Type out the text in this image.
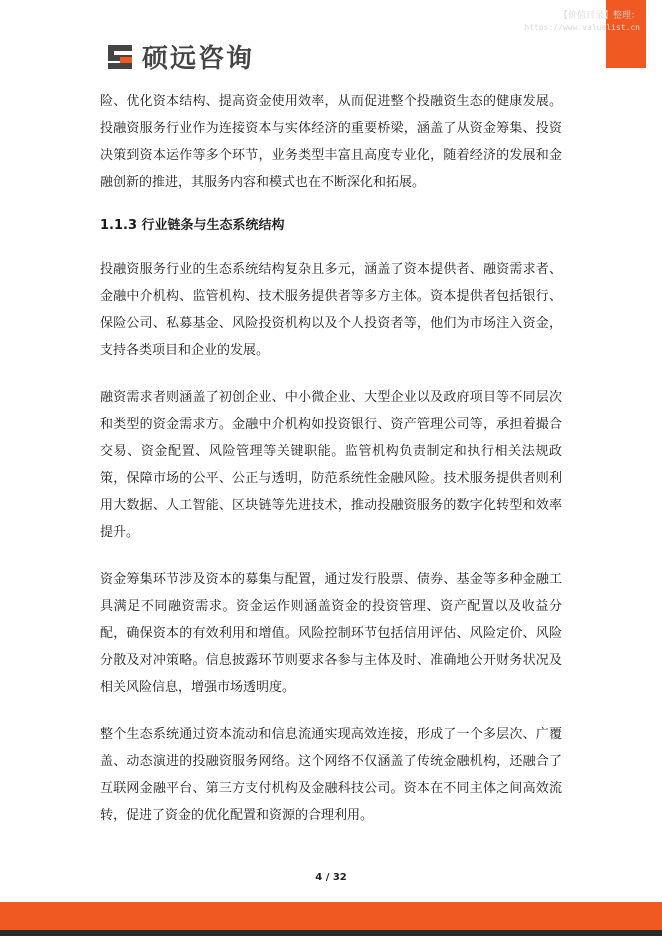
【价值目录】整理：
https://www.valuelist.cn
硕远咨询

险、优化资本结构、提高资金使用效率，从而促进整个投融资生态的健康发展。投融资服务行业作为连接资本与实体经济的重要桥梁，涵盖了从资金筹集、投资决策到资本运作等多个环节，业务类型丰富且高度专业化，随着经济的发展和金融创新的推进，其服务内容和模式也在不断深化和拓展。

1.1.3 行业链条与生态系统结构

投融资服务行业的生态系统结构复杂且多元，涵盖了资本提供者、融资需求者、金融中介机构、监管机构、技术服务提供者等多方主体。资本提供者包括银行、保险公司、私募基金、风险投资机构以及个人投资者等，他们为市场注入资金，支持各类项目和企业的发展。

融资需求者则涵盖了初创企业、中小微企业、大型企业以及政府项目等不同层次和类型的资金需求方。金融中介机构如投资银行、资产管理公司等，承担着撮合交易、资金配置、风险管理等关键职能。监管机构负责制定和执行相关法规政策，保障市场的公平、公正与透明，防范系统性金融风险。技术服务提供者则利用大数据、人工智能、区块链等先进技术，推动投融资服务的数字化转型和效率提升。

资金筹集环节涉及资本的募集与配置，通过发行股票、债券、基金等多种金融工具满足不同融资需求。资金运作则涵盖资金的投资管理、资产配置以及收益分配，确保资本的有效利用和增值。风险控制环节包括信用评估、风险定价、风险分散及对冲策略。信息披露环节则要求各参与主体及时、准确地公开财务状况及相关风险信息，增强市场透明度。

整个生态系统通过资本流动和信息流通实现高效连接，形成了一个多层次、广覆盖、动态演进的投融资服务网络。这个网络不仅涵盖了传统金融机构，还融合了互联网金融平台、第三方支付机构及金融科技公司。资本在不同主体之间高效流转，促进了资金的优化配置和资源的合理利用。

4 / 32
